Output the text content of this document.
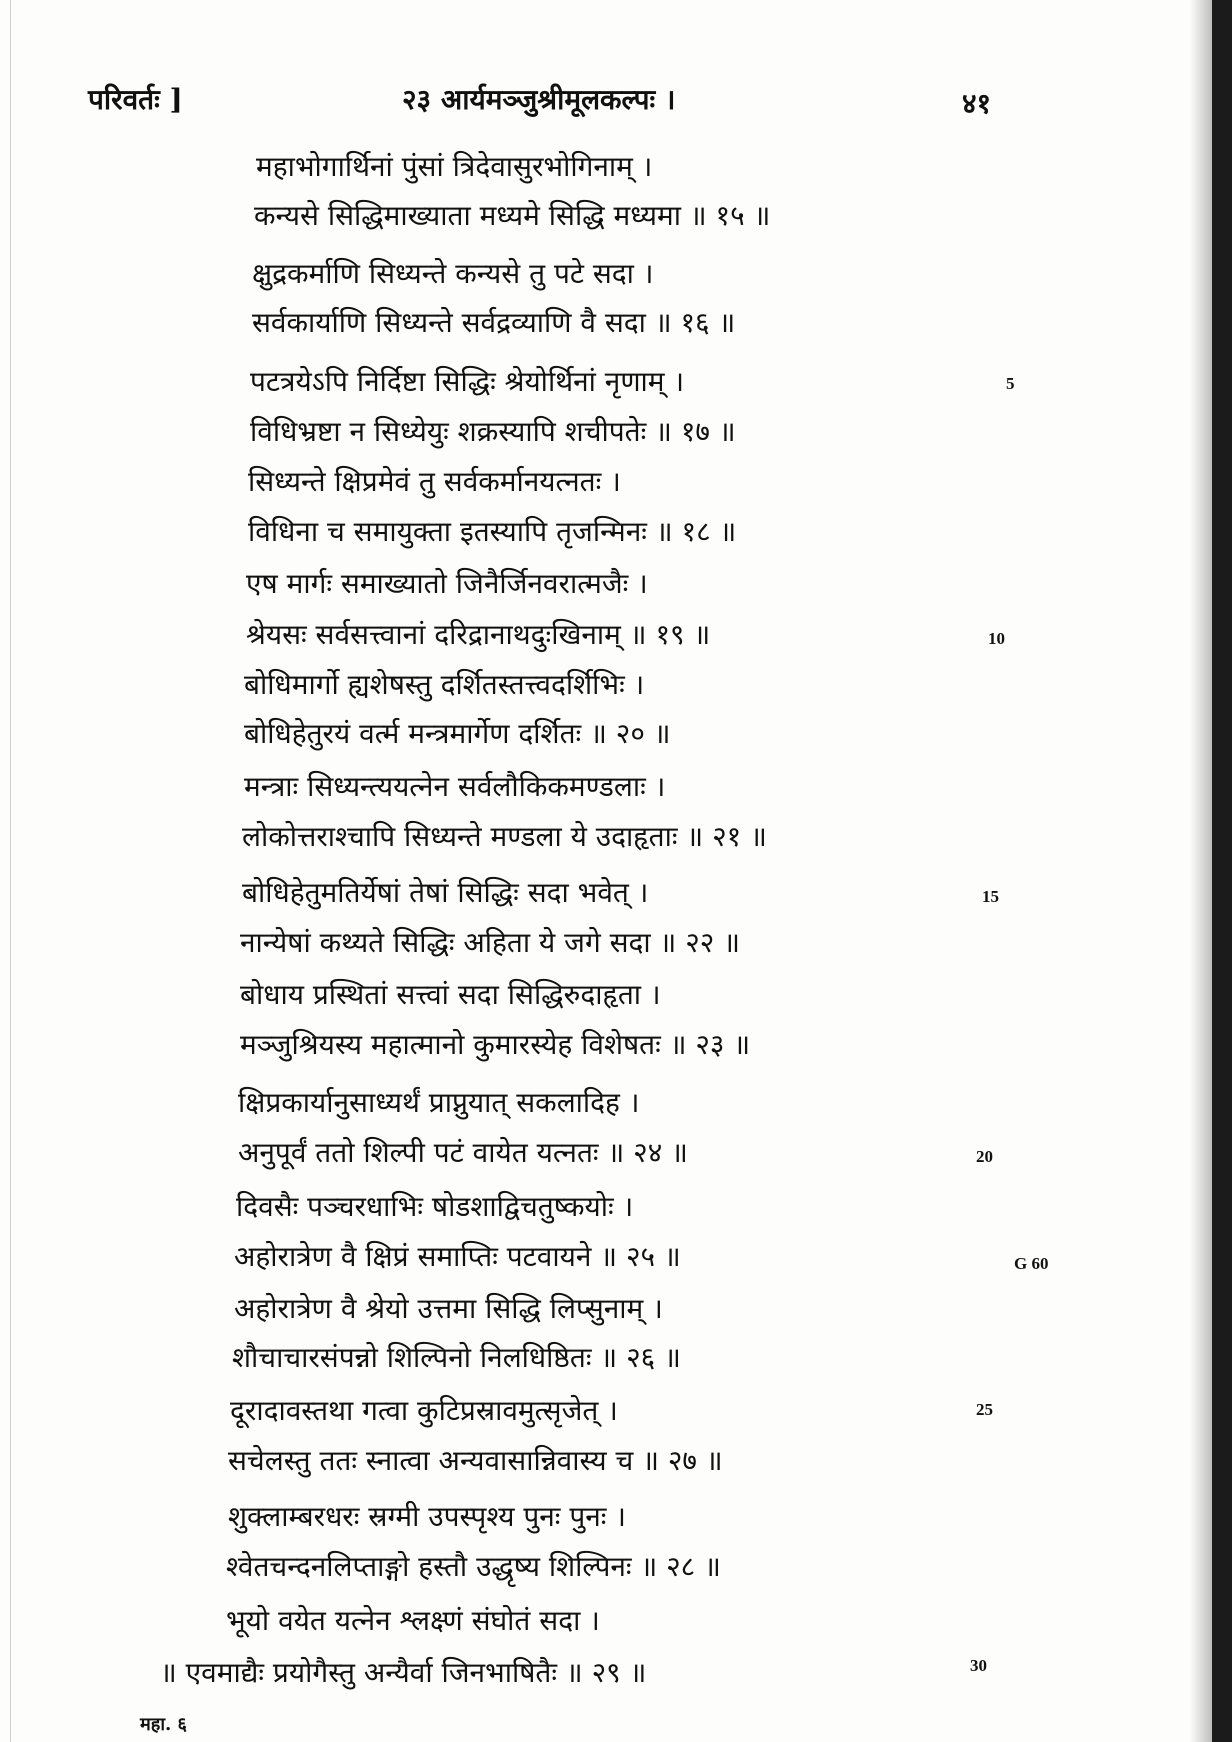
परिवर्तः ]	२३ आर्यमञ्जुश्रीमूलकल्पः ।	४१
महाभोगार्थिनां पुंसां त्रिदेवासुरभोगिनाम् ।
कन्यसे सिद्धिमाख्याता मध्यमे सिद्धि मध्यमा ॥ १५ ॥
क्षुद्रकर्माणि सिध्यन्ते कन्यसे तु पटे सदा ।
सर्वकार्याणि सिध्यन्ते सर्वद्रव्याणि वै सदा ॥ १६ ॥
पटत्रयेऽपि निर्दिष्टा सिद्धिः श्रेयोर्थिनां नृणाम् ।
विधिभ्रष्टा न सिध्येयुः शक्रस्यापि शचीपतेः ॥ १७ ॥
सिध्यन्ते क्षिप्रमेवं तु सर्वकर्मानयत्नतः ।
विधिना च समायुक्ता इतस्यापि तृजन्मिनः ॥ १८ ॥
एष मार्गः समाख्यातो जिनैर्जिनवरात्मजैः ।
श्रेयसः सर्वसत्त्वानां दरिद्रानाथदुःखिनाम् ॥ १९ ॥
बोधिमार्गो ह्यशेषस्तु दर्शितस्तत्त्वदर्शिभिः ।
बोधिहेतुरयं वर्त्म मन्त्रमार्गेण दर्शितः ॥ २० ॥
मन्त्राः सिध्यन्त्ययत्नेन सर्वलौकिकमण्डलाः ।
लोकोत्तराश्चापि सिध्यन्ते मण्डला ये उदाहृताः ॥ २१ ॥
बोधिहेतुमतिर्येषां तेषां सिद्धिः सदा भवेत् ।
नान्येषां कथ्यते सिद्धिः अहिता ये जगे सदा ॥ २२ ॥
बोधाय प्रस्थितां सत्त्वां सदा सिद्धिरुदाहृता ।
मञ्जुश्रियस्य महात्मानो कुमारस्येह विशेषतः ॥ २३ ॥
क्षिप्रकार्यानुसाध्यर्थं प्राप्नुयात् सकलादिह ।
अनुपूर्वं ततो शिल्पी पटं वायेत यत्नतः ॥ २४ ॥
दिवसैः पञ्चरधाभिः षोडशाद्विचतुष्कयोः ।
अहोरात्रेण वै क्षिप्रं समाप्तिः पटवायने ॥ २५ ॥
अहोरात्रेण वै श्रेयो उत्तमा सिद्धि लिप्सुनाम् ।
शौचाचारसंपन्नो शिल्पिनो निलधिष्ठितः ॥ २६ ॥
दूरादावस्तथा गत्वा कुटिप्रस्रावमुत्सृजेत् ।
सचेलस्तु ततः स्नात्वा अन्यवासान्निवास्य च ॥ २७ ॥
शुक्लाम्बरधरः स्रग्मी उपस्पृश्य पुनः पुनः ।
श्वेतचन्दनलिप्ताङ्गो हस्तौ उद्धृष्य शिल्पिनः ॥ २८ ॥
भूयो वयेत यत्नेन श्लक्ष्णं संघोतं सदा ।
॥ एवमाद्यैः प्रयोगैस्तु अन्यैर्वा जिनभाषितैः ॥ २९ ॥
5
10
15
20
G 60
25
30
महा. ६
